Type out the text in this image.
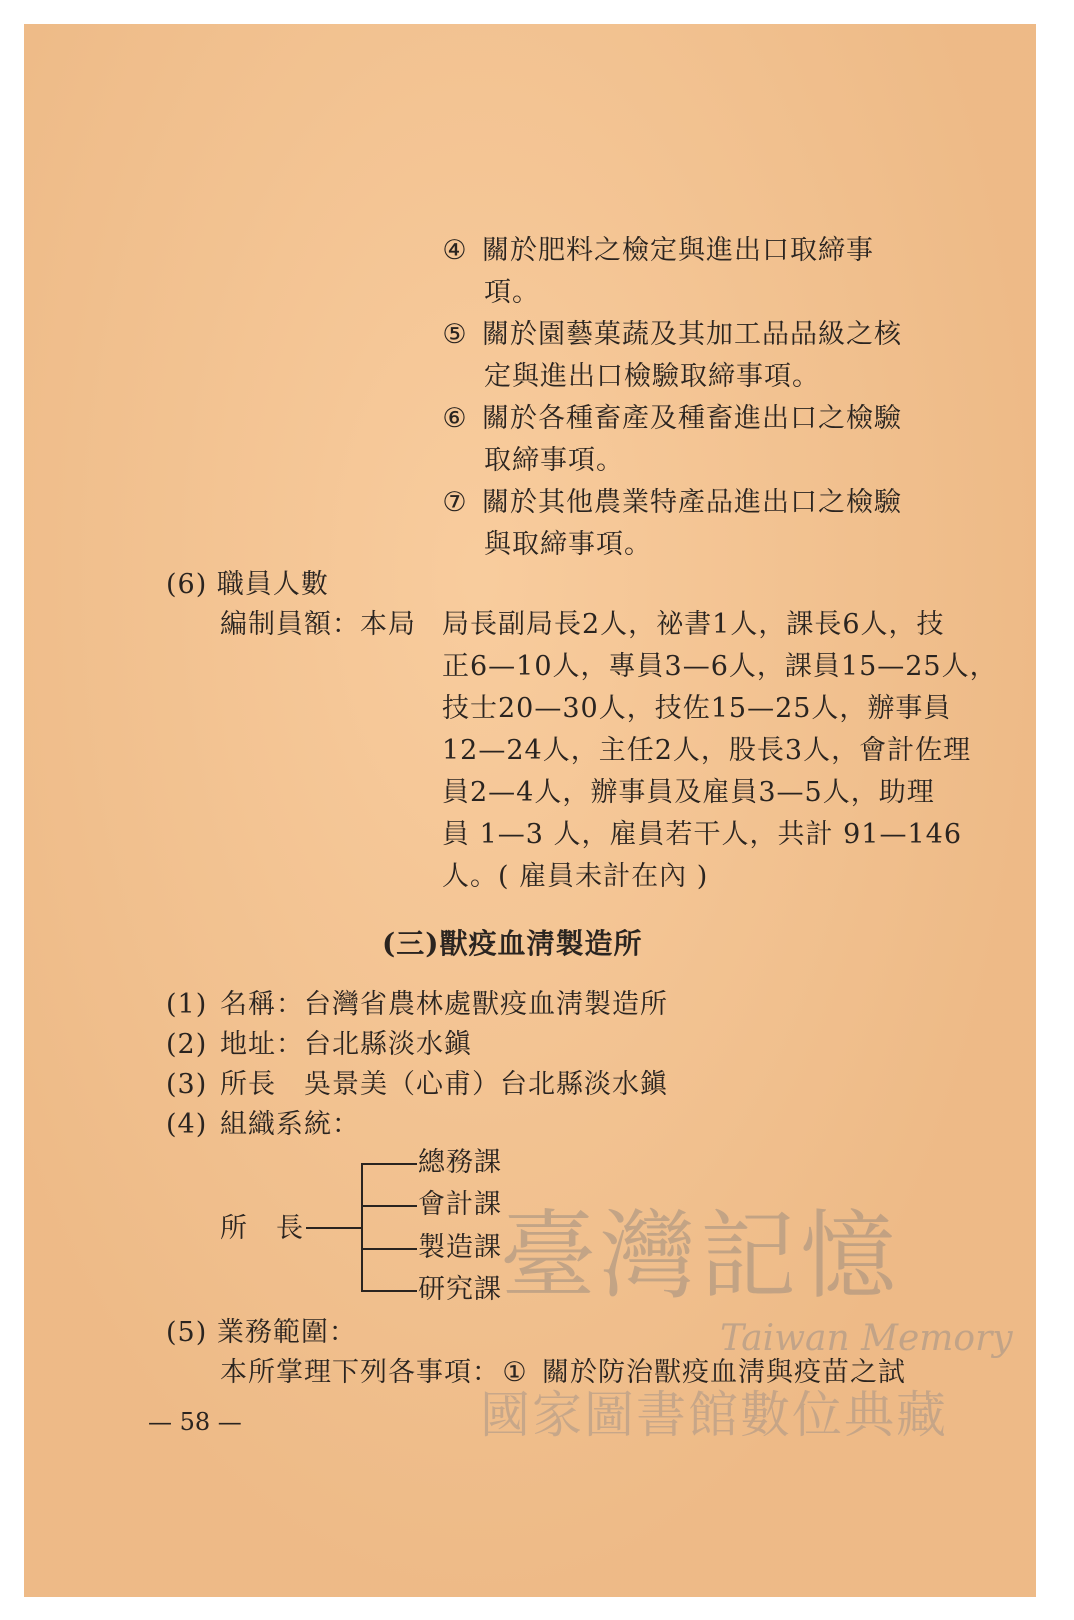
④ 關於肥料之檢定與進出口取締事
項。
⑤ 關於園藝菓蔬及其加工品品級之核
定與進出口檢驗取締事項。
⑥ 關於各種畜產及種畜進出口之檢驗
取締事項。
⑦ 關於其他農業特產品進出口之檢驗
與取締事項。
(6) 職員人數
編制員額：本局 局長副局長2人，祕書1人，課長6人，技
正6—10人，專員3—6人，課員15—25人，
技士20—30人，技佐15—25人，辦事員
12—24人，主任2人，股長3人，會計佐理
員2—4人，辦事員及雇員3—5人，助理
員 1—3 人，雇員若干人，共計 91—146
人。( 雇員未計在內 )
(三)獸疫血淸製造所
(1) 名稱：台灣省農林處獸疫血淸製造所
(2) 地址：台北縣淡水鎭
(3) 所長　吳景美（心甫）台北縣淡水鎭
(4) 組織系統：
所　長
總務課
會計課
製造課
研究課
(5) 業務範圍：
本所掌理下列各事項：① 關於防治獸疫血淸與疫苗之試
— 58 —
臺灣記憶
Taiwan Memory
國家圖書館數位典藏
